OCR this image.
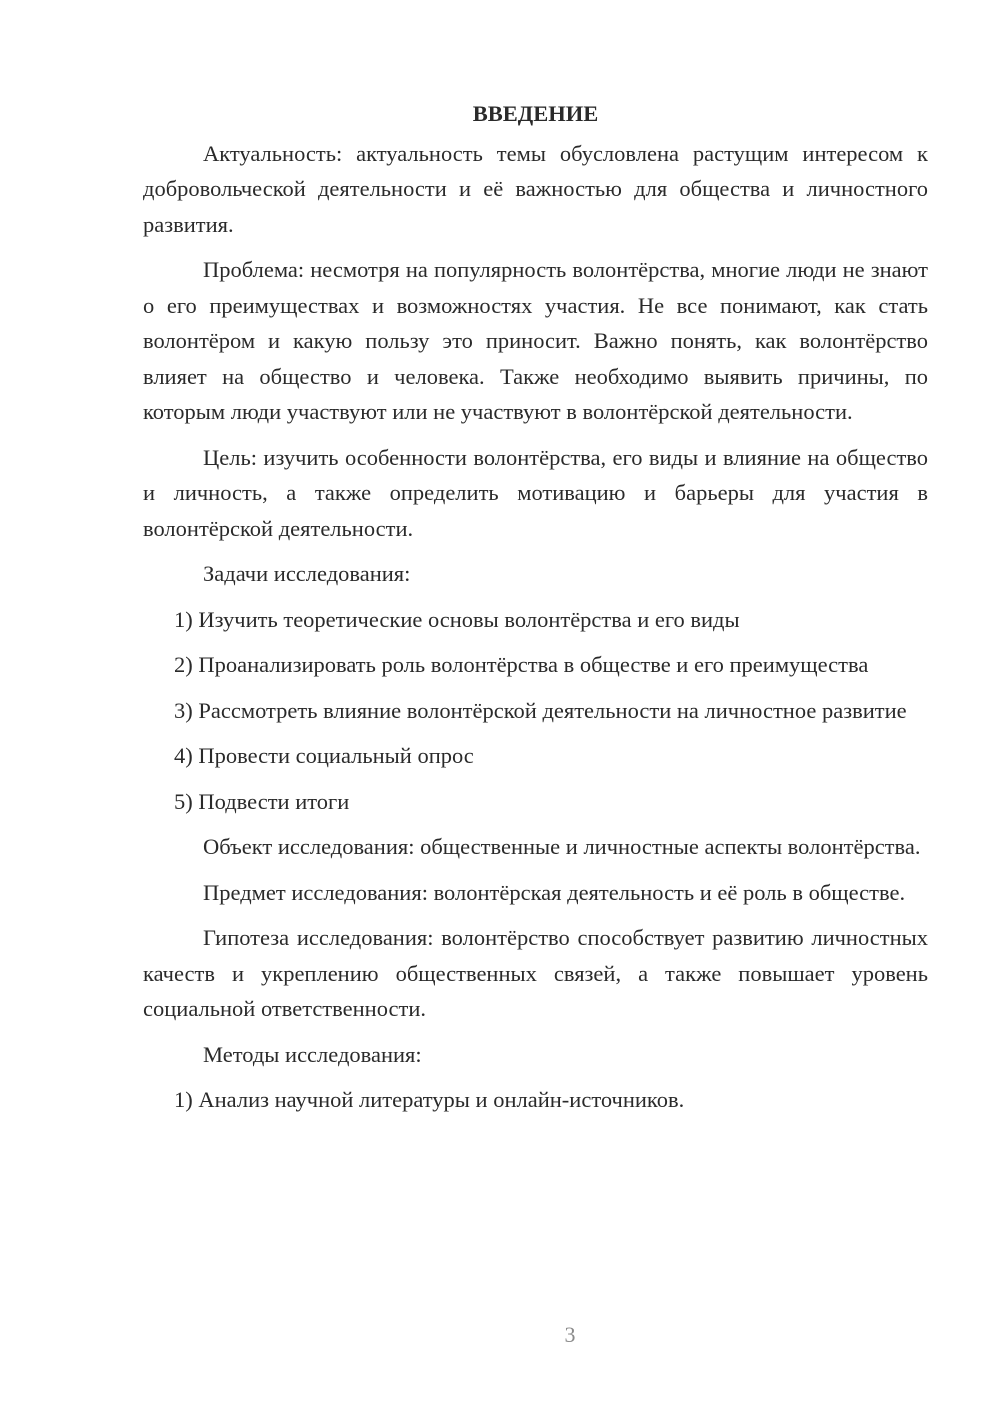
ВВЕДЕНИЕ

Актуальность: актуальность темы обусловлена растущим интересом к добровольческой деятельности и её важностью для общества и личностного развития.

Проблема: несмотря на популярность волонтёрства, многие люди не знают о его преимуществах и возможностях участия. Не все понимают, как стать волонтёром и какую пользу это приносит. Важно понять, как волонтёрство влияет на общество и человека. Также необходимо выявить причины, по которым люди участвуют или не участвуют в волонтёрской деятельности.

Цель: изучить особенности волонтёрства, его виды и влияние на общество и личность, а также определить мотивацию и барьеры для участия в волонтёрской деятельности.

Задачи исследования:

1) Изучить теоретические основы волонтёрства и его виды

2) Проанализировать роль волонтёрства в обществе и его преимущества

3) Рассмотреть влияние волонтёрской деятельности на личностное развитие

4) Провести социальный опрос

5) Подвести итоги

Объект исследования: общественные и личностные аспекты волонтёрства.

Предмет исследования: волонтёрская деятельность и её роль в обществе.

Гипотеза исследования: волонтёрство способствует развитию личностных качеств и укреплению общественных связей, а также повышает уровень социальной ответственности.

Методы исследования:

1) Анализ научной литературы и онлайн-источников.

3
